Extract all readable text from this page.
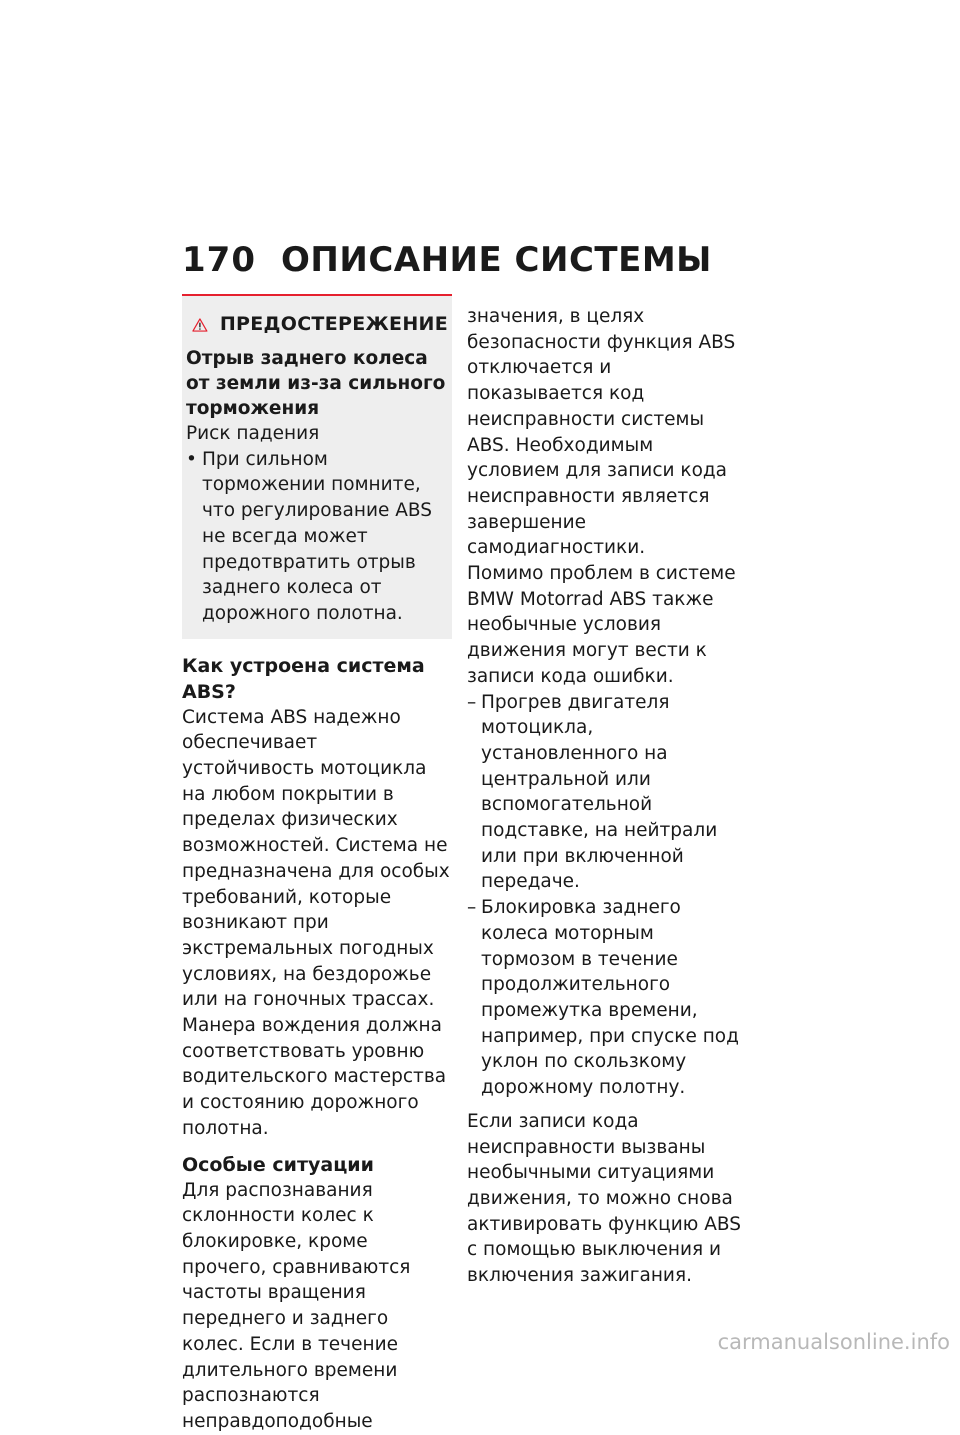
170 ОПИСАНИЕ СИСТЕМЫ
ПРЕДОСТЕРЕЖЕНИЕ
Отрыв заднего колеса от земли из-за сильного торможения
Риск падения
• При сильном торможении помните, что регулирование ABS не всегда может предотвратить отрыв заднего колеса от дорожного полотна.
Как устроена система ABS?

Система ABS надежно обеспечивает устойчивость мотоцикла на любом покрытии в пределах физических возможностей. Система не предназначена для особых требований, которые возникают при экстремальных погодных условиях, на бездорожье или на гоночных трассах. Манера вождения должна соответствовать уровню водительского мастерства и состоянию дорожного полотна.

Особые ситуации

Для распознавания склонности колес к блокировке, кроме прочего, сравниваются частоты вращения переднего и заднего колес. Если в течение длительного времени распознаются неправдоподобные

значения, в целях безопасности функция ABS отключается и показывается код неисправности системы ABS. Необходимым условием для записи кода неисправности является завершение самодиагностики.

Помимо проблем в системе BMW Motorrad ABS также необычные условия движения могут вести к записи кода ошибки.

– Прогрев двигателя мотоцикла, установленного на центральной или вспомогательной подставке, на нейтрали или при включенной передаче.
– Блокировка заднего колеса моторным тормозом в течение продолжительного промежутка времени, например, при спуске под уклон по скользкому дорожному полотну.

Если записи кода неисправности вызваны необычными ситуациями движения, то можно снова активировать функцию ABS с помощью выключения и включения зажигания.

carmanualsonline.info
